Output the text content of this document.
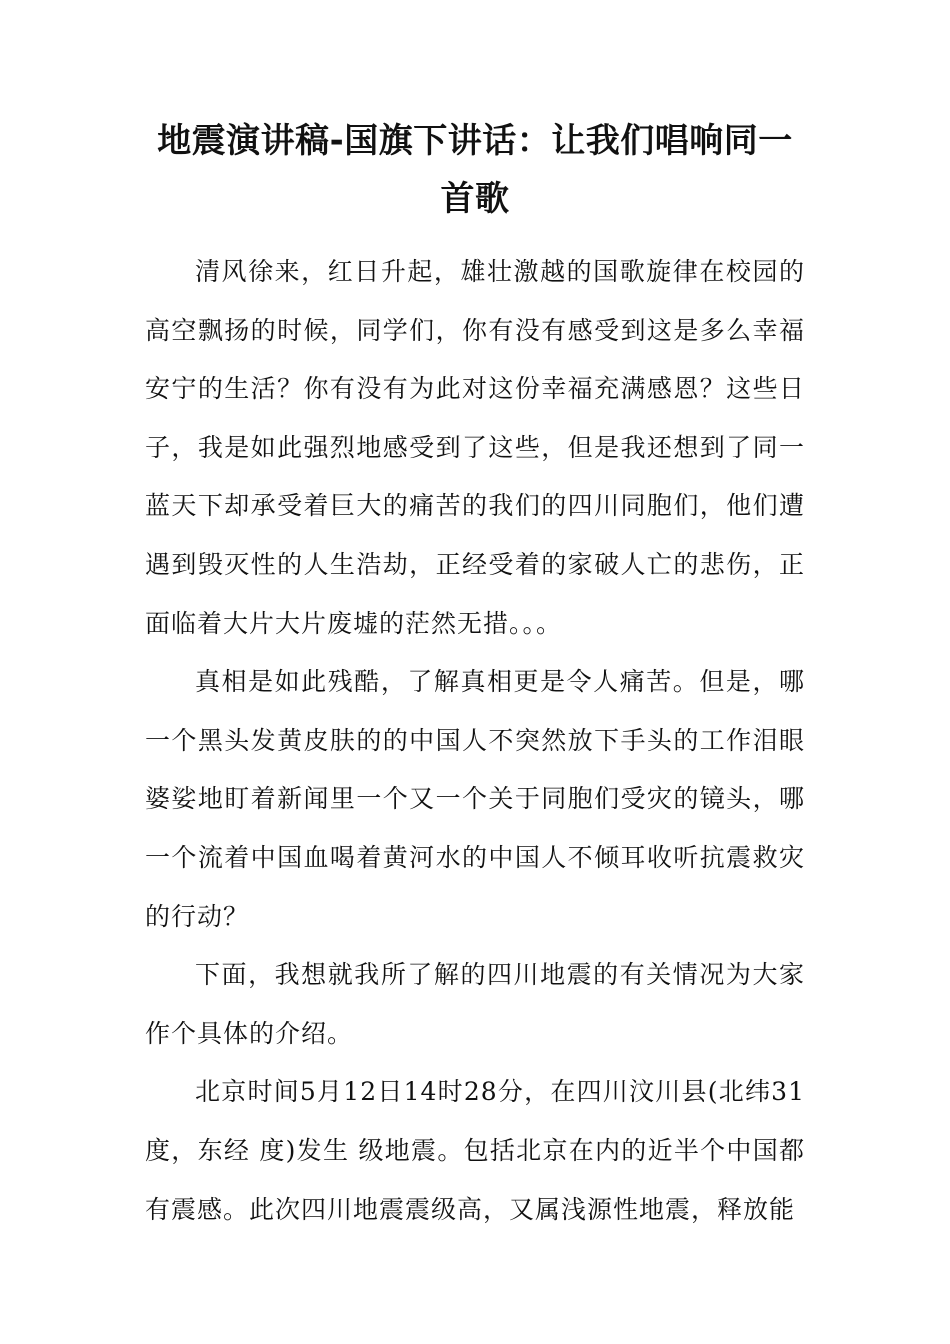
地震演讲稿-国旗下讲话：让我们唱响同一首歌

清风徐来，红日升起，雄壮激越的国歌旋律在校园的高空飘扬的时候，同学们，你有没有感受到这是多么幸福安宁的生活？你有没有为此对这份幸福充满感恩？这些日子，我是如此强烈地感受到了这些，但是我还想到了同一蓝天下却承受着巨大的痛苦的我们的四川同胞们，他们遭遇到毁灭性的人生浩劫，正经受着的家破人亡的悲伤，正面临着大片大片废墟的茫然无措。。。

真相是如此残酷，了解真相更是令人痛苦。但是，哪一个黑头发黄皮肤的的中国人不突然放下手头的工作泪眼婆娑地盯着新闻里一个又一个关于同胞们受灾的镜头，哪一个流着中国血喝着黄河水的中国人不倾耳收听抗震救灾的行动？

下面，我想就我所了解的四川地震的有关情况为大家作个具体的介绍。

北京时间5月12日14时28分，在四川汶川县(北纬31度，东经 度)发生 级地震。包括北京在内的近半个中国都有震感。此次四川地震震级高，又属浅源性地震，释放能
